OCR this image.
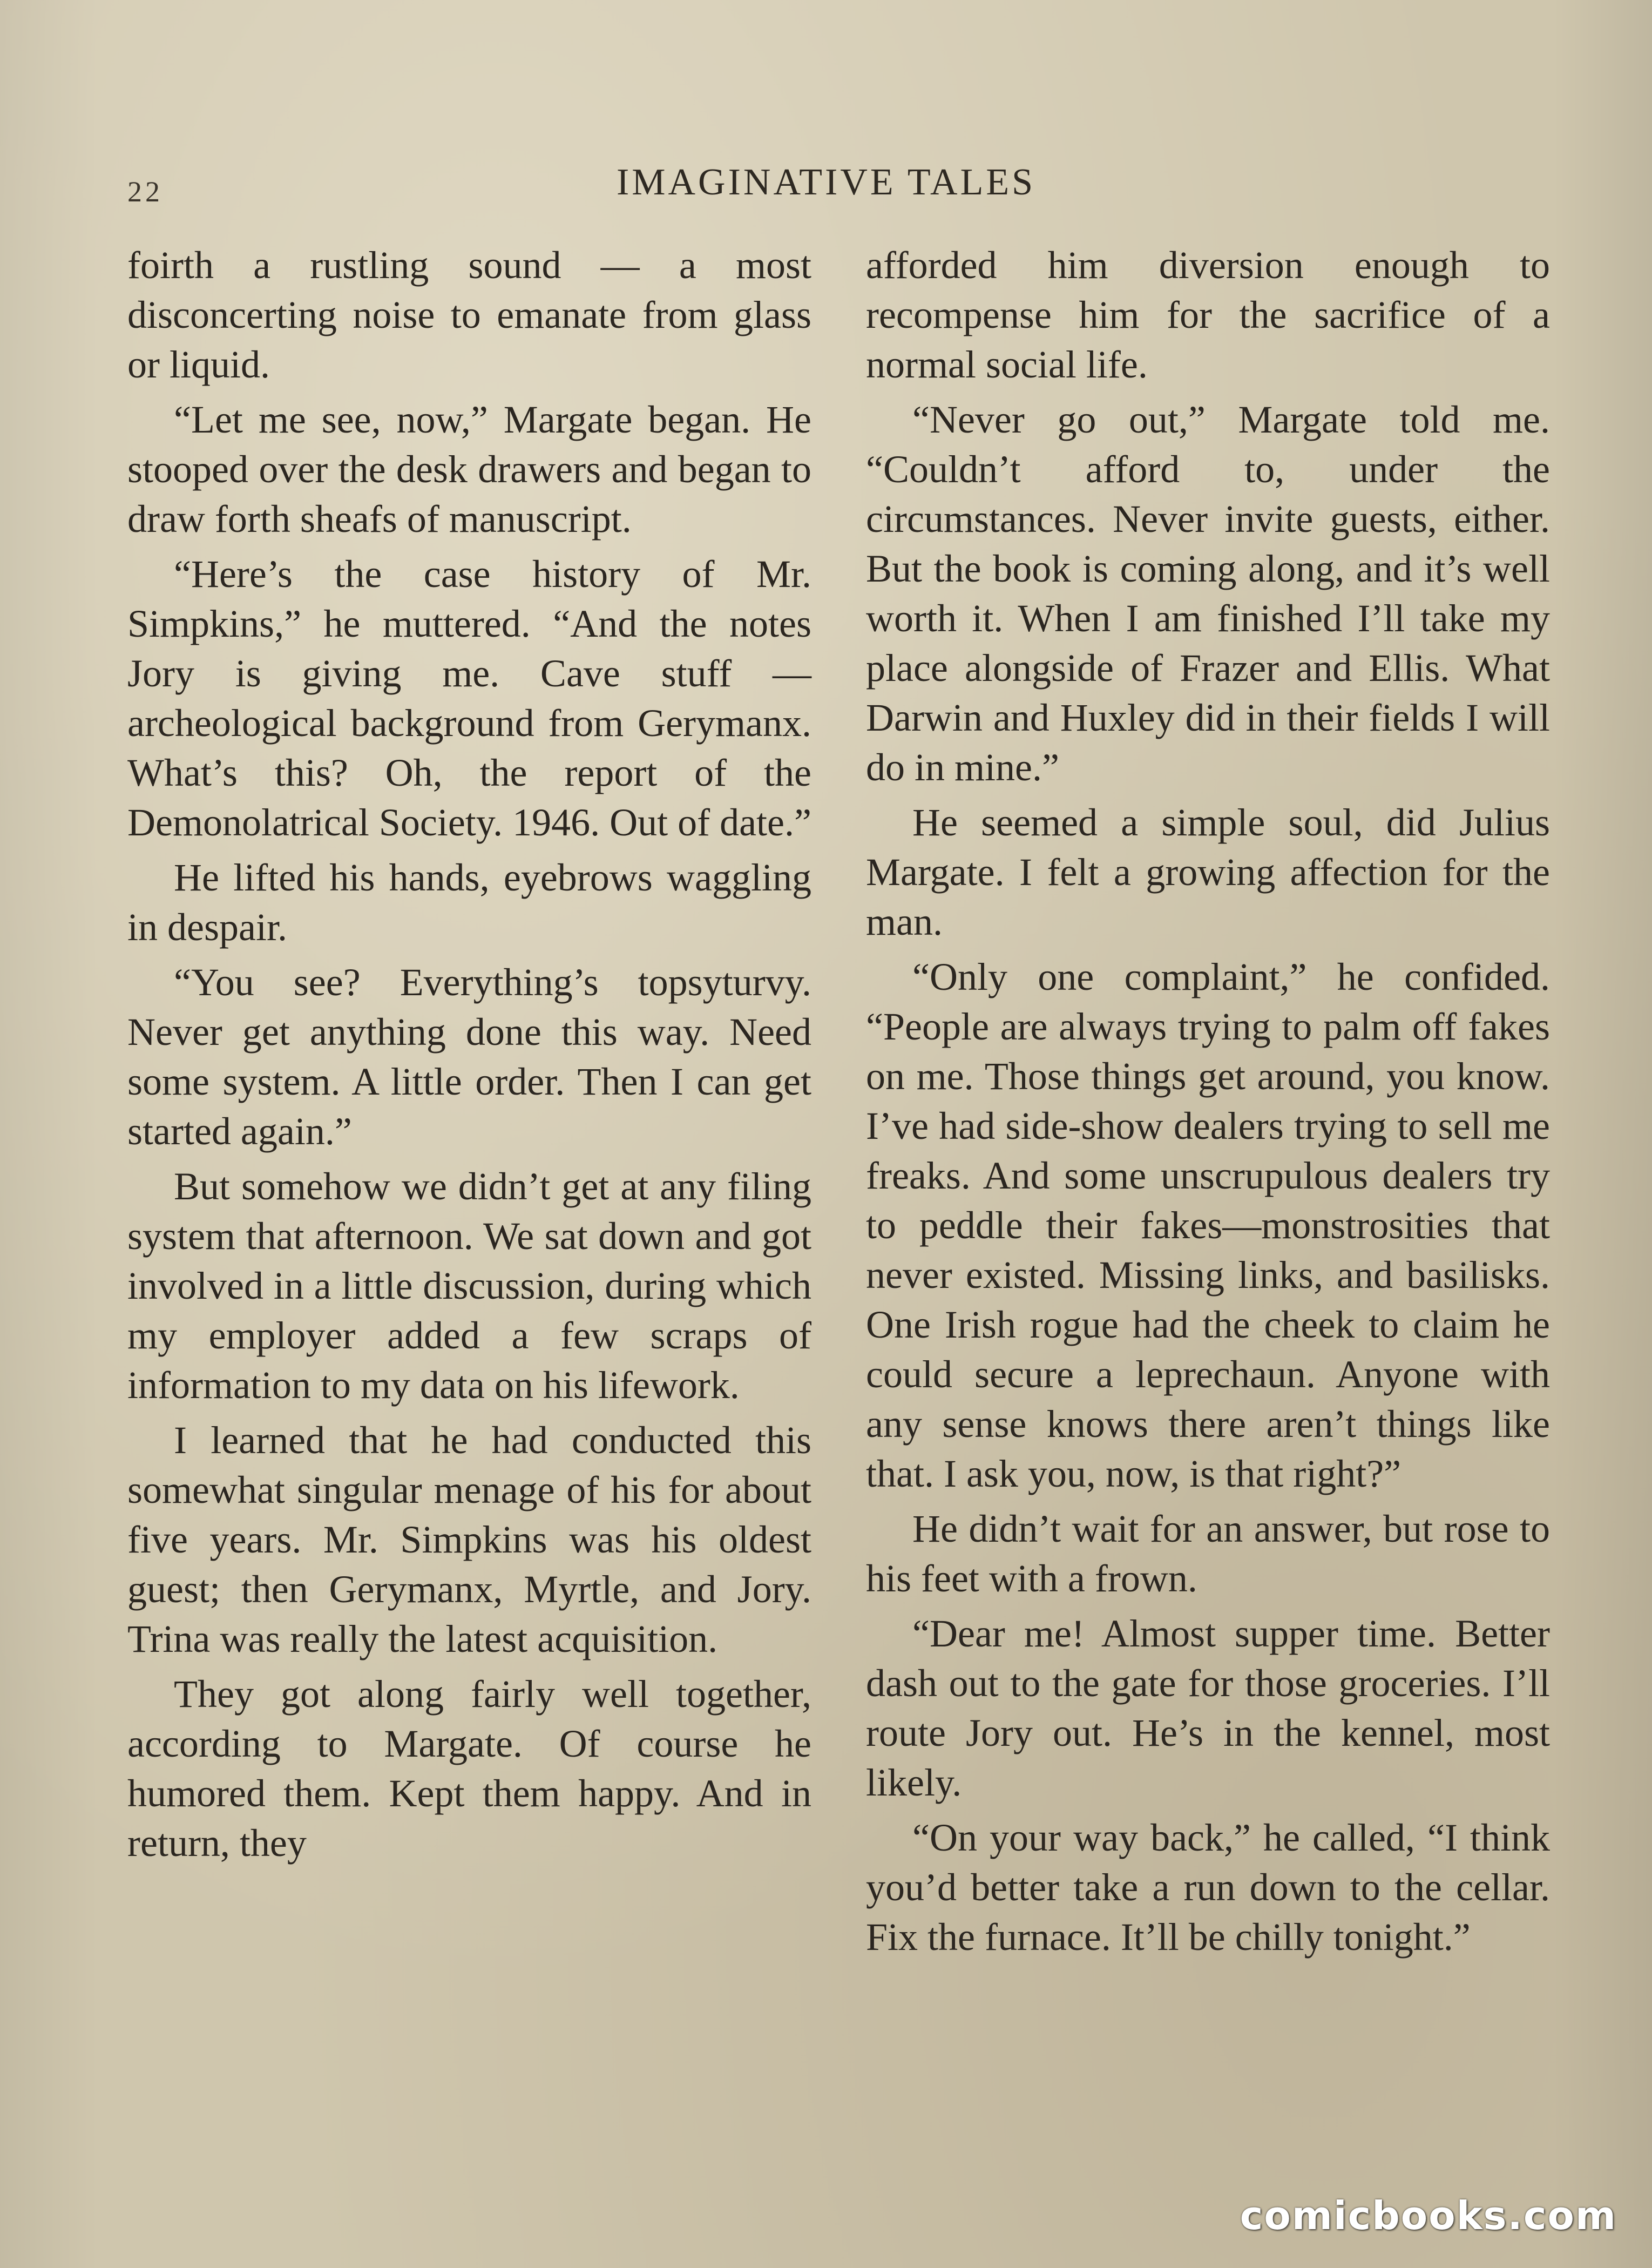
22	IMAGINATIVE TALES

foirth a rustling sound — a most disconcerting noise to emanate from glass or liquid.

“Let me see, now,” Margate began. He stooped over the desk drawers and began to draw forth sheafs of manuscript.

“Here’s the case history of Mr. Simpkins,” he muttered. “And the notes Jory is giving me. Cave stuff —archeological background from Gerymanx. What’s this? Oh, the report of the Demonolatrical Society. 1946. Out of date.”

He lifted his hands, eyebrows waggling in despair.

“You see? Everything’s topsyturvy. Never get anything done this way. Need some system. A little order. Then I can get started again.”

But somehow we didn’t get at any filing system that afternoon. We sat down and got involved in a little discussion, during which my employer added a few scraps of information to my data on his lifework.

I learned that he had conducted this somewhat singular menage of his for about five years. Mr. Simpkins was his oldest guest; then Gerymanx, Myrtle, and Jory. Trina was really the latest acquisition.

They got along fairly well together, according to Margate. Of course he humored them. Kept them happy. And in return, they

afforded him diversion enough to recompense him for the sacrifice of a normal social life.

“Never go out,” Margate told me. “Couldn’t afford to, under the circumstances. Never invite guests, either. But the book is coming along, and it’s well worth it. When I am finished I’ll take my place alongside of Frazer and Ellis. What Darwin and Huxley did in their fields I will do in mine.”

He seemed a simple soul, did Julius Margate. I felt a growing affection for the man.

“Only one complaint,” he confided. “People are always trying to palm off fakes on me. Those things get around, you know. I’ve had side-show dealers trying to sell me freaks. And some unscrupulous dealers try to peddle their fakes—monstrosities that never existed. Missing links, and basilisks. One Irish rogue had the cheek to claim he could secure a leprechaun. Anyone with any sense knows there aren’t things like that. I ask you, now, is that right?”

He didn’t wait for an answer, but rose to his feet with a frown.

“Dear me! Almost supper time. Better dash out to the gate for those groceries. I’ll route Jory out. He’s in the kennel, most likely.

“On your way back,” he called, “I think you’d better take a run down to the cellar. Fix the furnace. It’ll be chilly tonight.”

comicbooks.com
